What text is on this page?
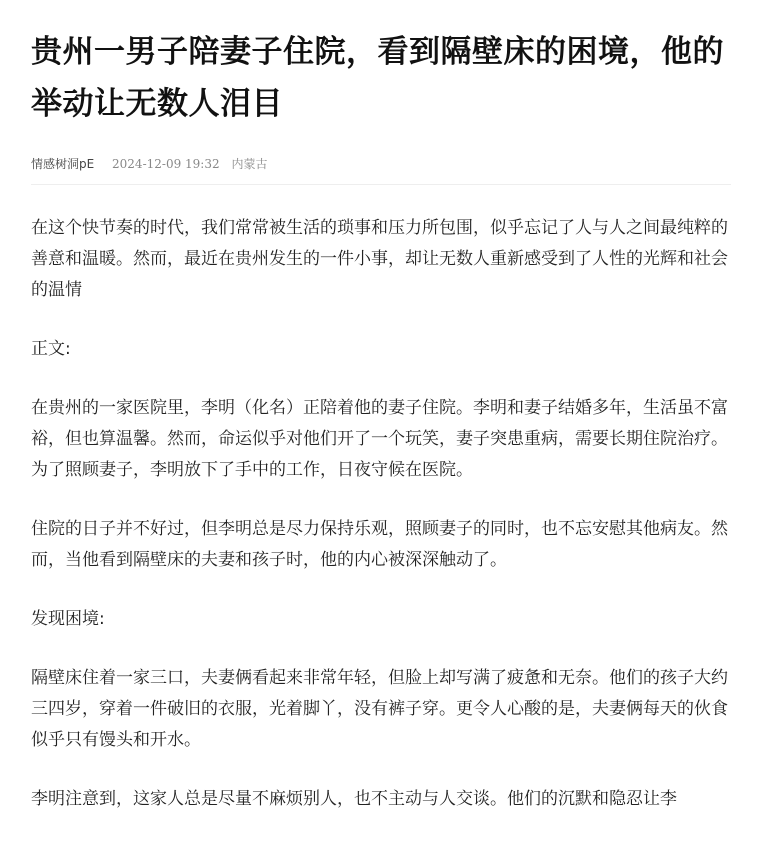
贵州一男子陪妻子住院，看到隔壁床的困境，他的举动让无数人泪目
情感树洞pE 2024-12-09 19:32 内蒙古

在这个快节奏的时代，我们常常被生活的琐事和压力所包围，似乎忘记了人与人之间最纯粹的善意和温暖。然而，最近在贵州发生的一件小事，却让无数人重新感受到了人性的光辉和社会的温情

正文:

在贵州的一家医院里，李明（化名）正陪着他的妻子住院。李明和妻子结婚多年，生活虽不富裕，但也算温馨。然而，命运似乎对他们开了一个玩笑，妻子突患重病，需要长期住院治疗。为了照顾妻子，李明放下了手中的工作，日夜守候在医院。

住院的日子并不好过，但李明总是尽力保持乐观，照顾妻子的同时，也不忘安慰其他病友。然而，当他看到隔壁床的夫妻和孩子时，他的内心被深深触动了。

发现困境:

隔壁床住着一家三口，夫妻俩看起来非常年轻，但脸上却写满了疲惫和无奈。他们的孩子大约三四岁，穿着一件破旧的衣服，光着脚丫，没有裤子穿。更令人心酸的是，夫妻俩每天的伙食似乎只有馒头和开水。

李明注意到，这家人总是尽量不麻烦别人，也不主动与人交谈。他们的沉默和隐忍让李
